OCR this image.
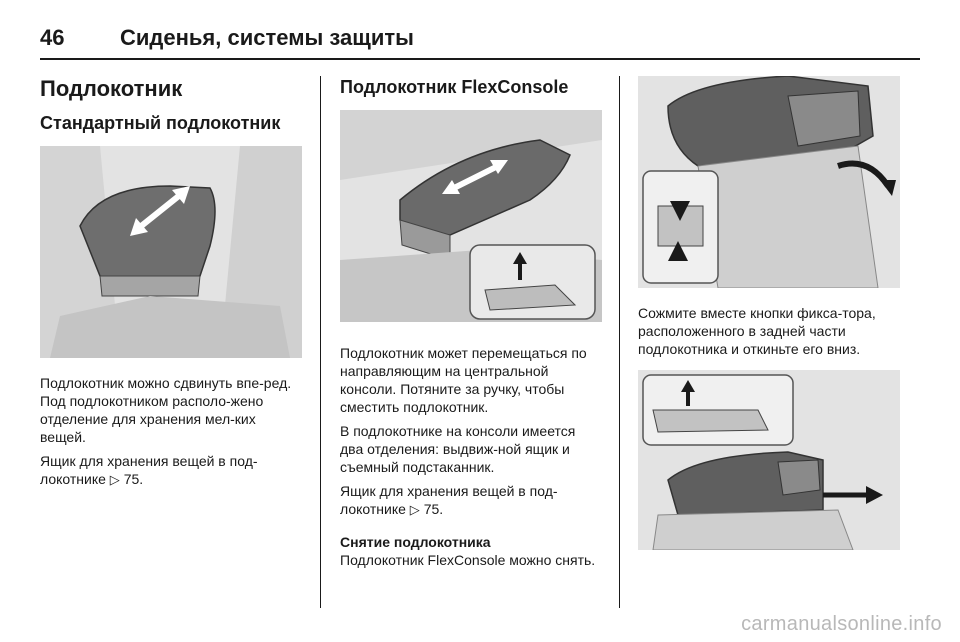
46	Сиденья, системы защиты
Подлокотник
Стандартный подлокотник

Подлокотник можно сдвинуть впе-ред. Под подлокотником располо-жено отделение для хранения мел-ких вещей.

Ящик для хранения вещей в под-локотнике ▷ 75.

Подлокотник FlexConsole

Подлокотник может перемещаться по направляющим на центральной консоли. Потяните за ручку, чтобы сместить подлокотник.

В подлокотнике на консоли имеется два отделения: выдвиж-ной ящик и съемный подстаканник.

Ящик для хранения вещей в под-локотнике ▷ 75.

Снятие подлокотника

Подлокотник FlexConsole можно снять.

Сожмите вместе кнопки фикса-тора, расположенного в задней части подлокотника и откиньте его вниз.

carmanualsonline.info
